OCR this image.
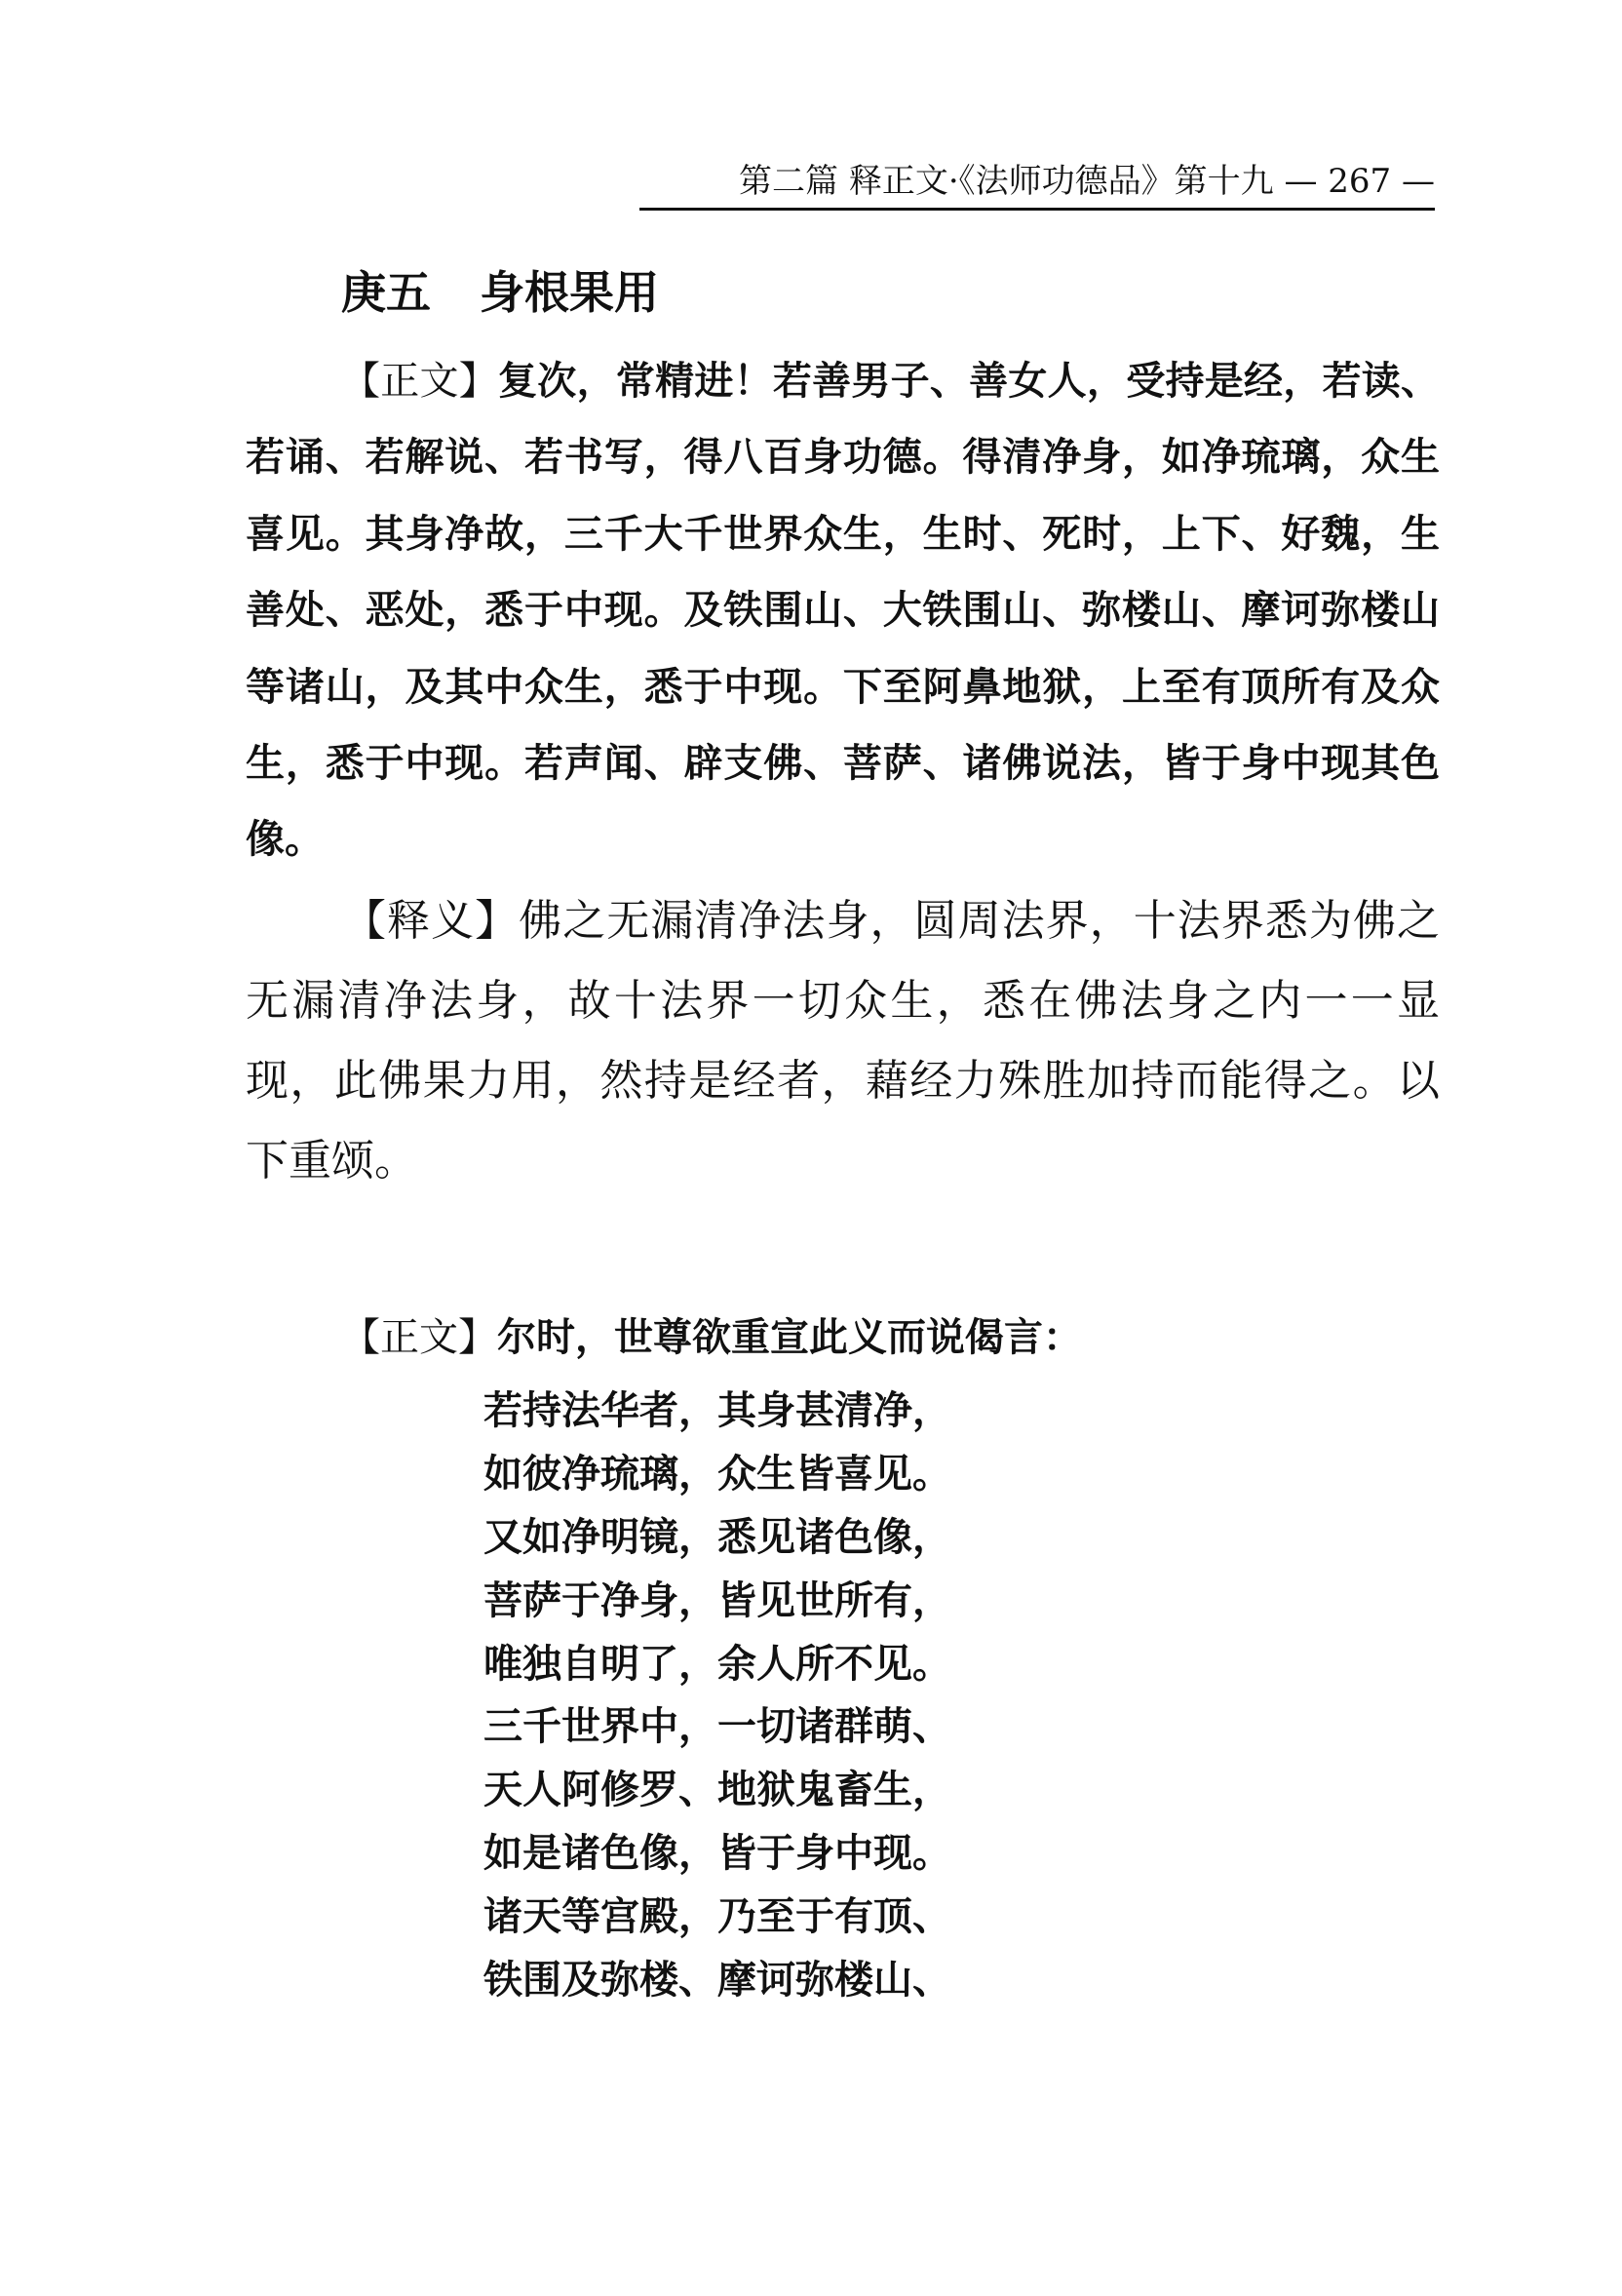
第二篇 释正文·《法师功德品》第十九 — 267 —
庚五 身根果用
【正文】复次，常精进！若善男子、善女人，受持是经，若读、若诵、若解说、若书写，得八百身功德。得清净身，如净琉璃，众生喜见。其身净故，三千大千世界众生，生时、死时，上下、好魏，生善处、恶处，悉于中现。及铁围山、大铁围山、弥楼山、摩诃弥楼山等诸山，及其中众生，悉于中现。下至阿鼻地狱，上至有顶所有及众生，悉于中现。若声闻、辟支佛、菩萨、诸佛说法，皆于身中现其色像。
【释义】佛之无漏清净法身，圆周法界，十法界悉为佛之无漏清净法身，故十法界一切众生，悉在佛法身之内一一显现，此佛果力用，然持是经者，藉经力殊胜加持而能得之。以下重颂。
【正文】尔时，世尊欲重宣此义而说偈言：
若持法华者，其身甚清净，
如彼净琉璃，众生皆喜见。
又如净明镜，悉见诸色像，
菩萨于净身，皆见世所有，
唯独自明了，余人所不见。
三千世界中，一切诸群萌、
天人阿修罗、地狱鬼畜生，
如是诸色像，皆于身中现。
诸天等宫殿，乃至于有顶、
铁围及弥楼、摩诃弥楼山、
